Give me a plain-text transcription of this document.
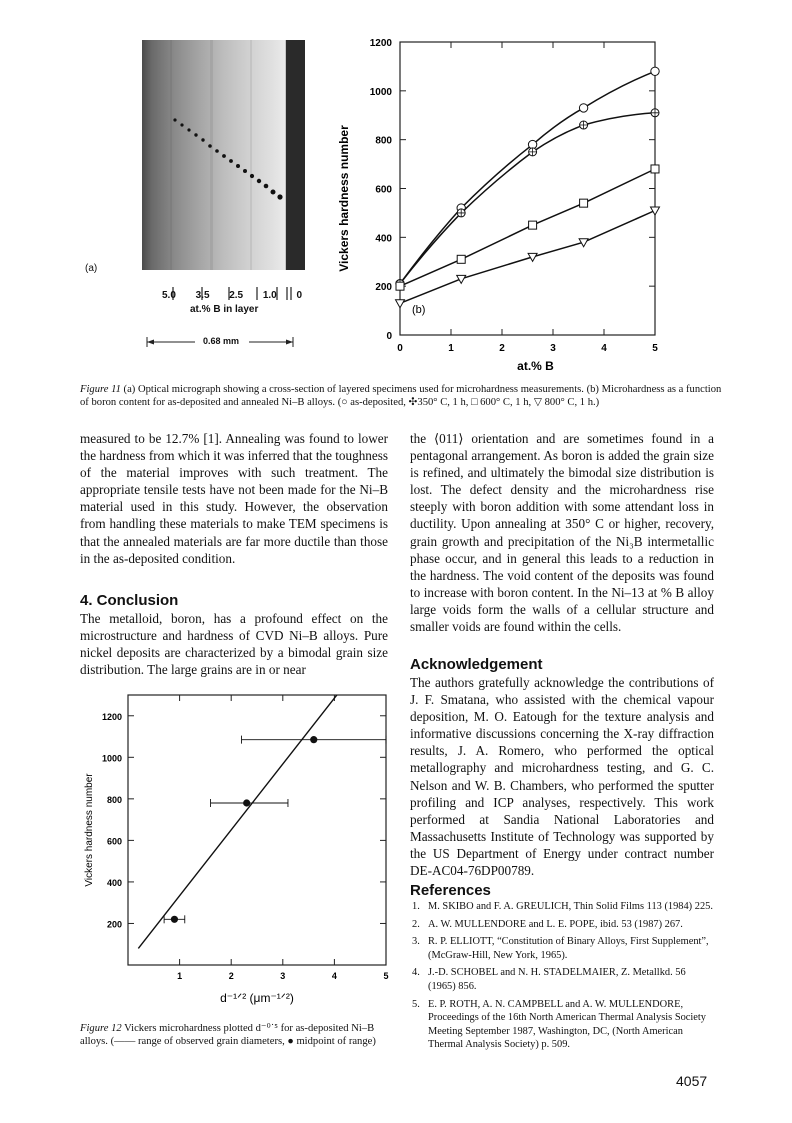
(a)
5.0 3.5 2.5 1.0 0
at.% B in layer
0.68 mm	0
200
400
600
800
1000
1200
0	1	2	3	4	5
at.% B
Vickers hardness number
(b)
Figure 11 (a) Optical micrograph showing a cross-section of layered specimens used for microhardness measurements. (b) Microhardness as a function of boron content for as-deposited and annealed Ni–B alloys. (○ as-deposited, ✣350° C, 1 h, □ 600° C, 1 h, ▽ 800° C, 1 h.)

measured to be 12.7% [1]. Annealing was found to lower the hardness from which it was inferred that the toughness of the material improves with such treatment. The appropriate tensile tests have not been made for the Ni–B material used in this study. However, the observation from handling these materials to make TEM specimens is that the annealed materials are far more ductile than those in the as-deposited condition.

4. Conclusion
The metalloid, boron, has a profound effect on the microstructure and hardness of CVD Ni–B alloys. Pure nickel deposits are characterized by a bimodal grain size distribution. The large grains are in or near
200
400
600
800
1000
1200
1	2	3	4	5
d⁻¹ᐟ² (μm⁻¹ᐟ²)
Vickers hardness number
Figure 12 Vickers microhardness plotted d⁻⁰˙⁵ for as-deposited Ni–B alloys. (—— range of observed grain diameters, ● midpoint of range)

the ⟨011⟩ orientation and are sometimes found in a pentagonal arrangement. As boron is added the grain size is refined, and ultimately the bimodal size distribution is lost. The defect density and the microhardness rise steeply with boron addition with some attendant loss in ductility. Upon annealing at 350° C or higher, recovery, grain growth and precipitation of the Ni₃B intermetallic phase occur, and in general this leads to a reduction in the hardness. The void content of the deposits was found to increase with boron content. In the Ni–13 at % B alloy large voids form the walls of a cellular structure and smaller voids are found within the cells.

Acknowledgement
The authors gratefully acknowledge the contributions of J. F. Smatana, who assisted with the chemical vapour deposition, M. O. Eatough for the texture analysis and informative discussions concerning the X-ray diffraction results, J. A. Romero, who performed the optical metallography and microhardness testing, and G. C. Nelson and W. B. Chambers, who performed the sputter profiling and ICP analyses, respectively. This work performed at Sandia National Laboratories and Massachusetts Institute of Technology was supported by the US Department of Energy under contract number DE-AC04-76DP00789.
References
1. M. SKIBO and F. A. GREULICH, Thin Solid Films 113 (1984) 225.
2. A. W. MULLENDORE and L. E. POPE, ibid. 53 (1987) 267.
3. R. P. ELLIOTT, “Constitution of Binary Alloys, First Supplement”, (McGraw-Hill, New York, 1965).
4. J.-D. SCHOBEL and N. H. STADELMAIER, Z. Metallkd. 56 (1965) 856.
5. E. P. ROTH, A. N. CAMPBELL and A. W. MULLENDORE, Proceedings of the 16th North American Thermal Analysis Society Meeting September 1987, Washington, DC, (North American Thermal Analysis Society) p. 509.
4057
